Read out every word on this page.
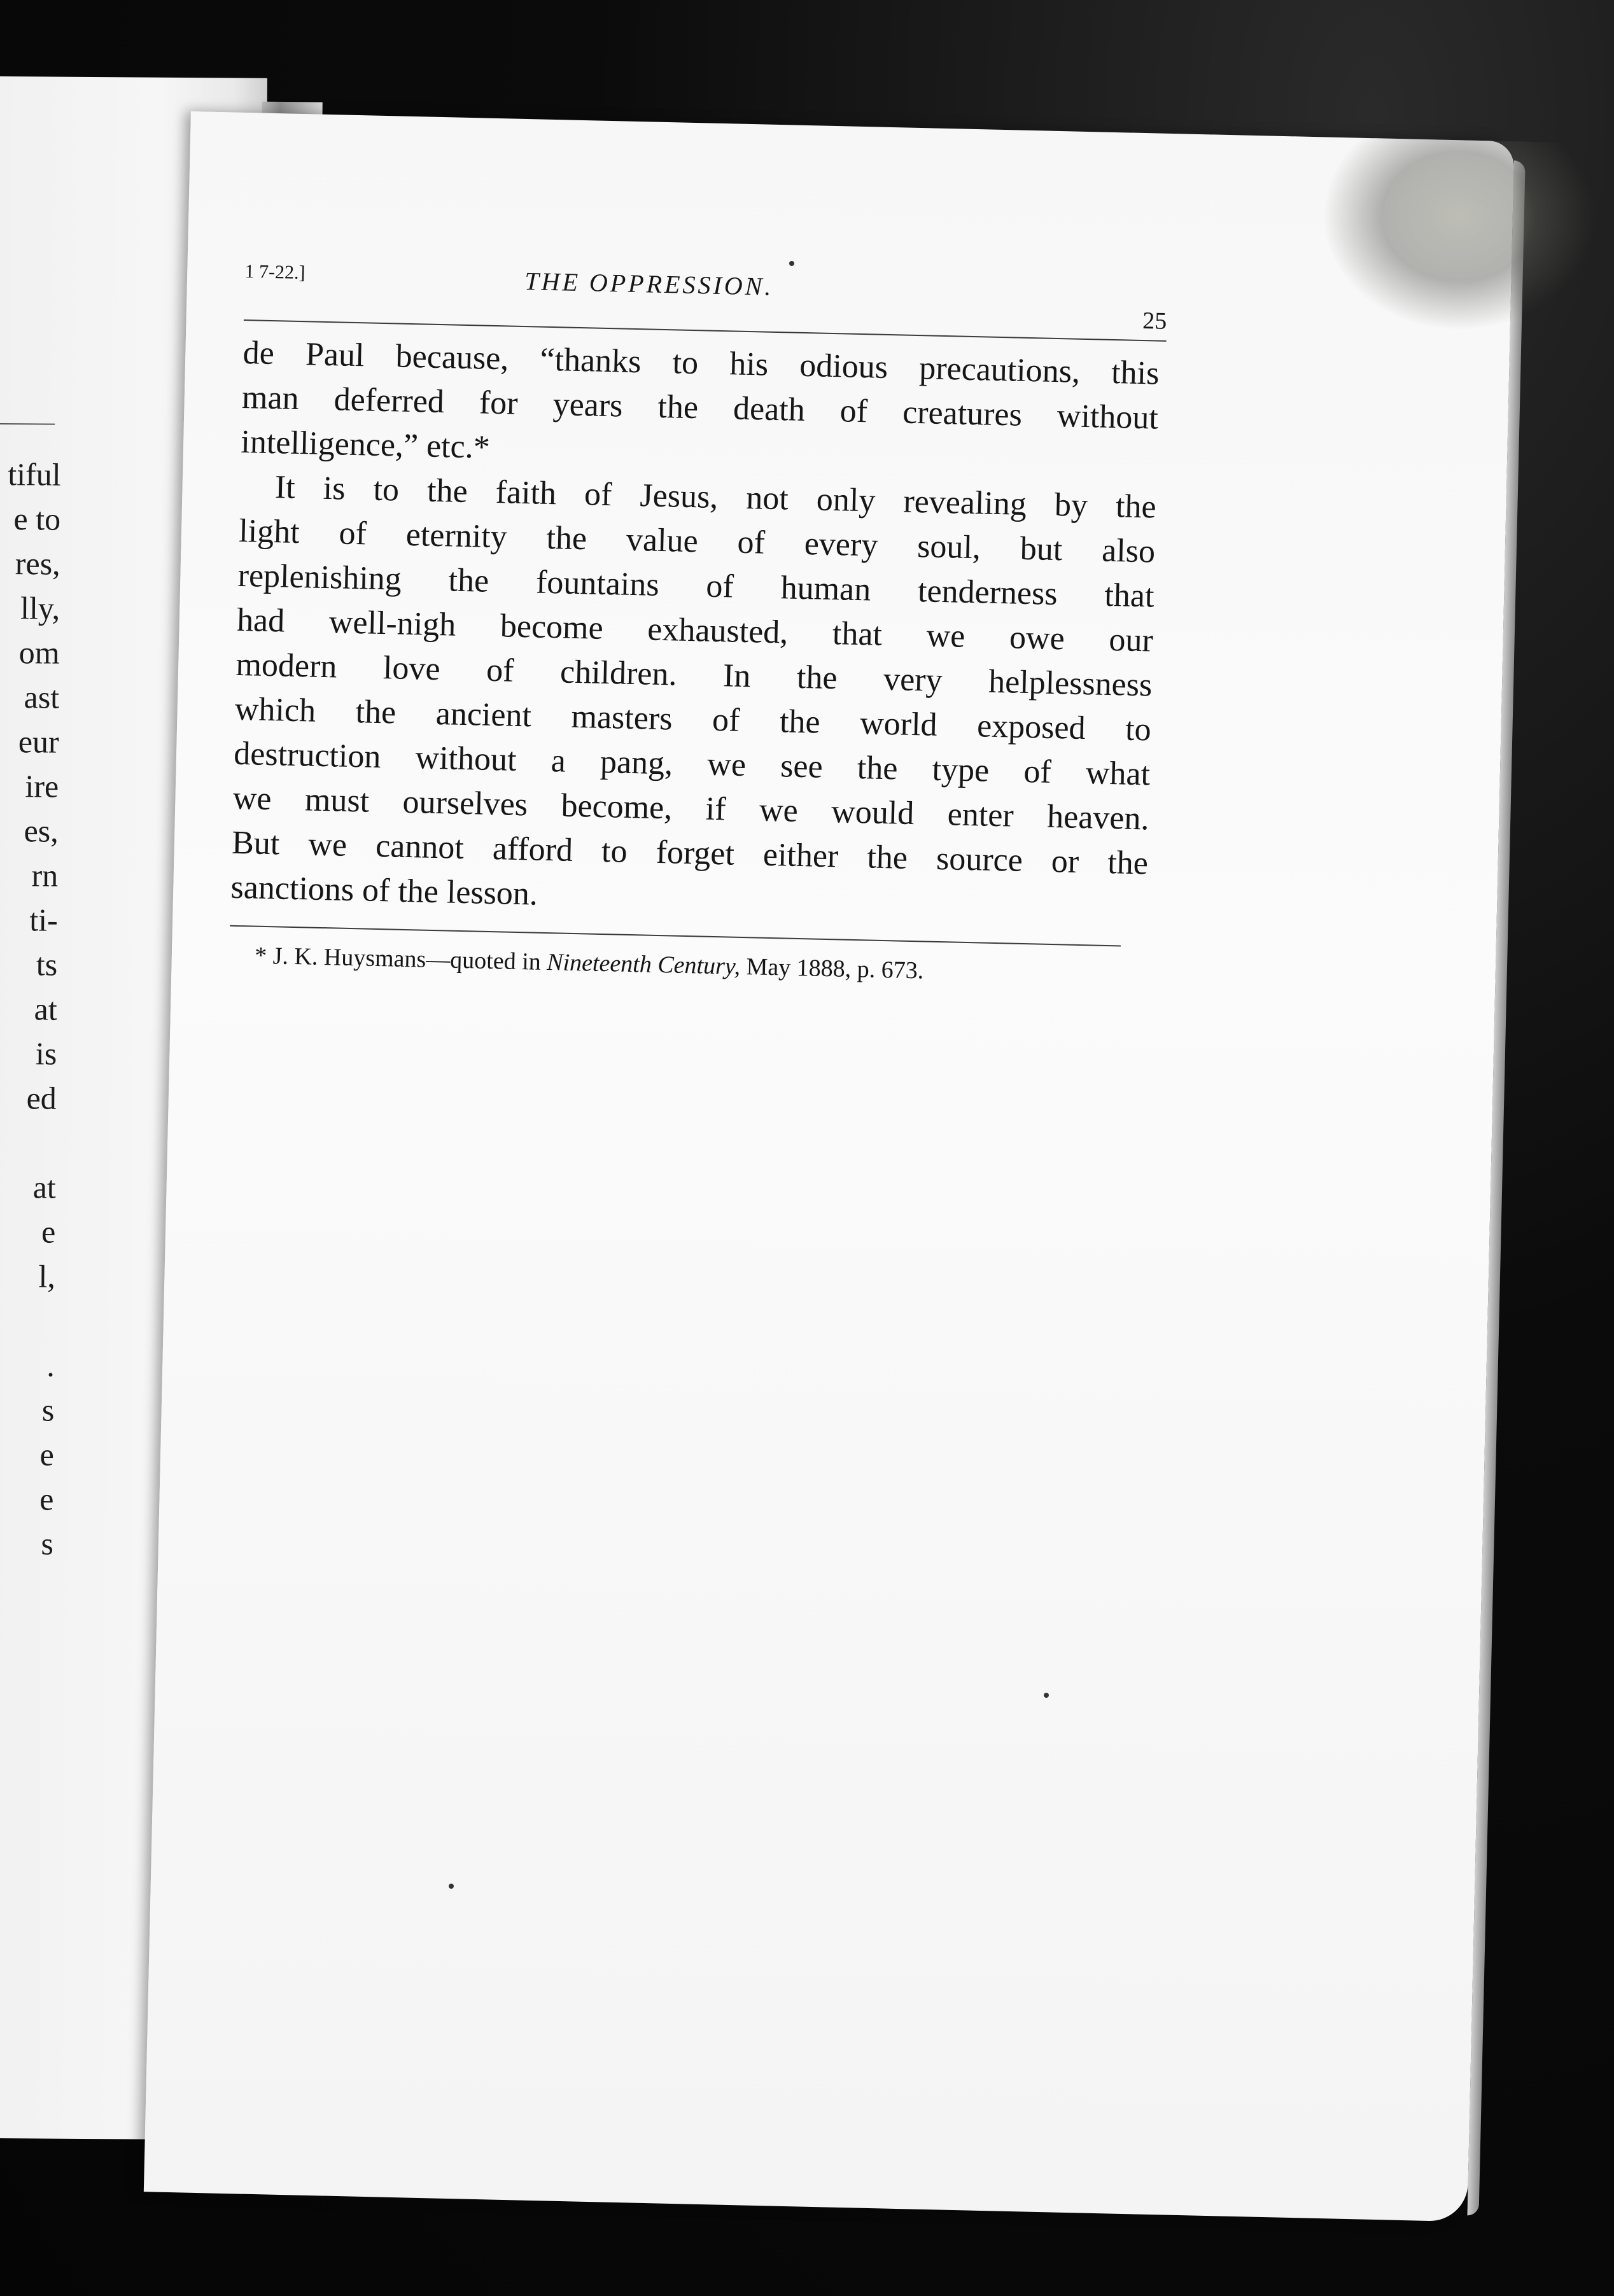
tiful
e to
res,
lly,
om
ast
eur
ire
es,
rn
ti-
ts
at
is
ed
at
e
l,
.
s
e
e
s
1 7-22.]	THE OPPRESSION.
25
de Paul because, “thanks to his odious precautions, this
man deferred for years the death of creatures without
intelligence,” etc.*
It is to the faith of Jesus, not only revealing by the
light of eternity the value of every soul, but also
replenishing the fountains of human tenderness that
had well-nigh become exhausted, that we owe our
modern love of children. In the very helplessness
which the ancient masters of the world exposed to
destruction without a pang, we see the type of what
we must ourselves become, if we would enter heaven.
But we cannot afford to forget either the source or the
sanctions of the lesson.
* J. K. Huysmans—quoted in Nineteenth Century, May 1888, p. 673.
